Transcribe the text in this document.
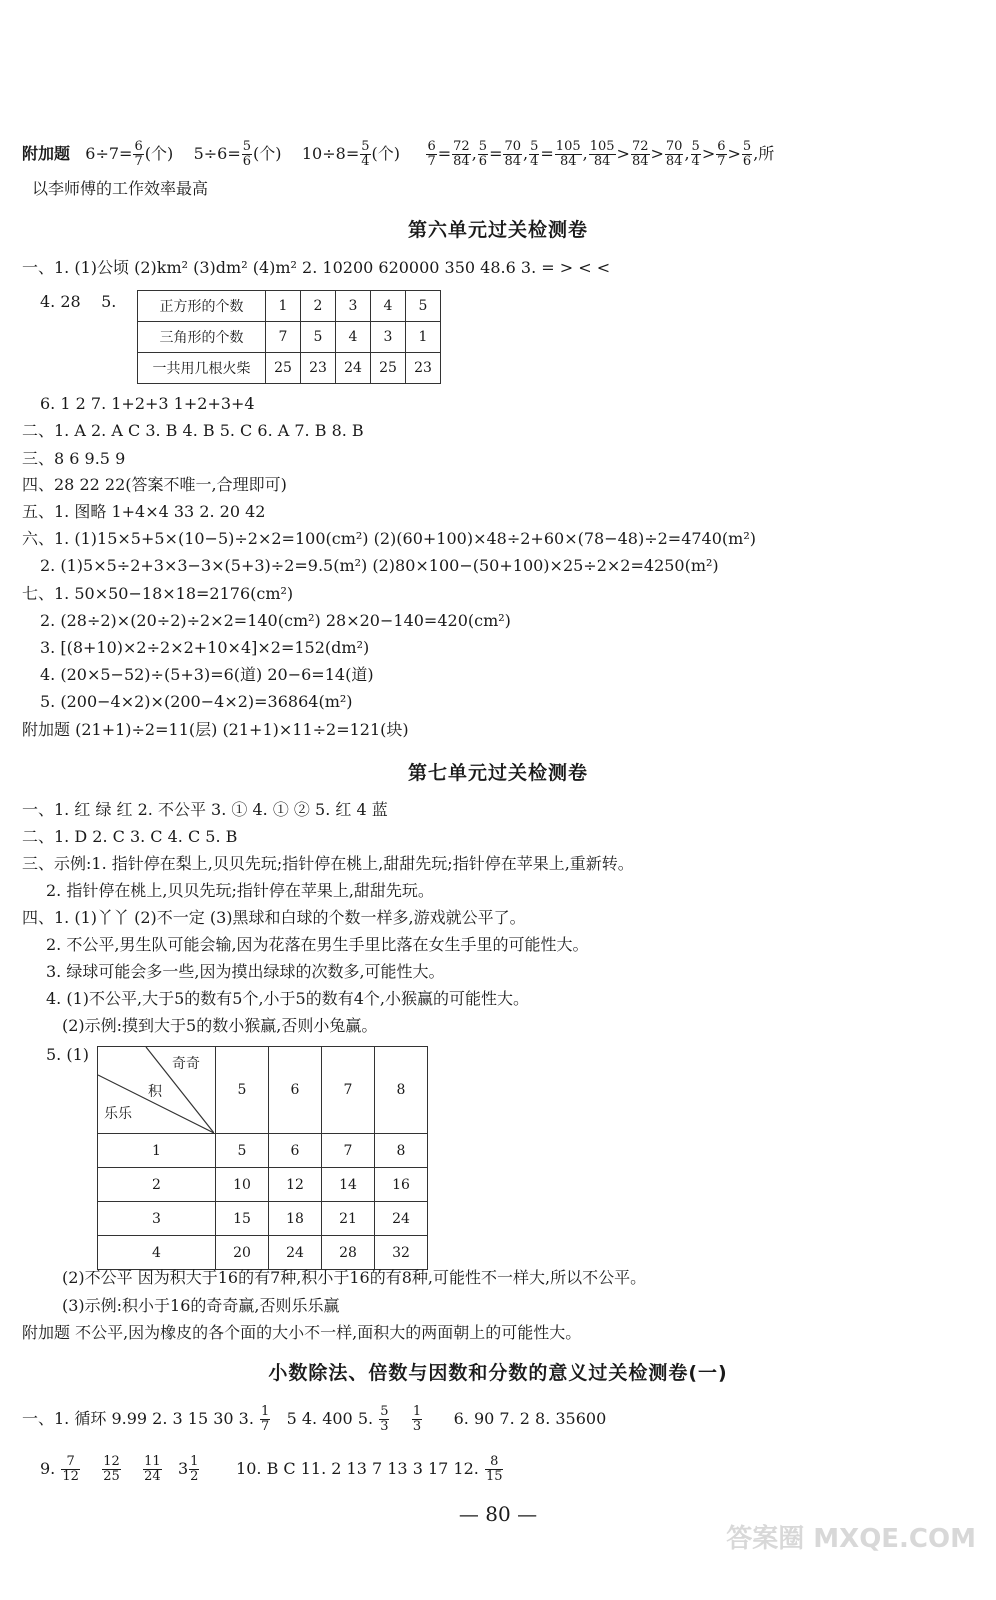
附加题 $6\div 7= \frac{6}{7}$ (个) $5\div 6= \frac{5}{6}$ (个) $10\div 8= \frac{5}{4}$ (个) $\frac{6}{7} = \frac{72}{84}$ , $\frac{5}{6} = \frac{70}{84}$ , $\frac{5}{4} = \frac{105}{84}$ , $\frac{105}{84} > \frac{72}{84} > \frac{70}{84}$ , $\frac{5}{4} > \frac{6}{7} > \frac{5}{6}$ ,所
以李师傅的工作效率最高
第六单元过关检测卷
一、1. (1)公顷 (2)km² (3)dm² (4)m² 2. 10200 620000 350 48.6 3. = > < <
4. 28 5.	正方形的个数	1	2	3	4	5
三角形的个数	7	5	4	3	1
一共用几根火柴	25	23	24	25	23
6. 1 2 7. 1+2+3 1+2+3+4
二、1. A 2. A C 3. B 4. B 5. C 6. A 7. B 8. B
三、8 6 9.5 9
四、28 22 22(答案不唯一,合理即可)
五、1. 图略 1+4×4 33 2. 20 42
六、1. (1)15×5+5×(10−5)÷2×2=100(cm²) (2)(60+100)×48÷2+60×(78−48)÷2=4740(m²)
2. (1)5×5÷2+3×3−3×(5+3)÷2=9.5(m²) (2)80×100−(50+100)×25÷2×2=4250(m²)
七、1. 50×50−18×18=2176(cm²)
2. (28÷2)×(20÷2)÷2×2=140(cm²) 28×20−140=420(cm²)
3. [(8+10)×2÷2×2+10×4]×2=152(dm²)
4. (20×5−52)÷(5+3)=6(道) 20−6=14(道)
5. (200−4×2)×(200−4×2)=36864(m²)
附加题 (21+1)÷2=11(层) (21+1)×11÷2=121(块)
第七单元过关检测卷
一、1. 红 绿 红 2. 不公平 3. ① 4. ① ② 5. 红 4 蓝
二、1. D 2. C 3. C 4. C 5. B
三、示例:1. 指针停在梨上,贝贝先玩;指针停在桃上,甜甜先玩;指针停在苹果上,重新转。
2. 指针停在桃上,贝贝先玩;指针停在苹果上,甜甜先玩。
四、1. (1)丫丫 (2)不一定 (3)黑球和白球的个数一样多,游戏就公平了。
2. 不公平,男生队可能会输,因为花落在男生手里比落在女生手里的可能性大。
3. 绿球可能会多一些,因为摸出绿球的次数多,可能性大。
4. (1)不公平,大于5的数有5个,小于5的数有4个,小猴赢的可能性大。
(2)示例:摸到大于5的数小猴赢,否则小兔赢。
5. (1)	奇奇
积
乐乐	5	6	7	8
1	5	6	7	8
2	10	12	14	16
3	15	18	21	24
4	20	24	28	32
(2)不公平 因为积大于16的有7种,积小于16的有8种,可能性不一样大,所以不公平。
(3)示例:积小于16的奇奇赢,否则乐乐赢
附加题 不公平,因为橡皮的各个面的大小不一样,面积大的两面朝上的可能性大。
小数除法、倍数与因数和分数的意义过关检测卷(一)
一、1. 循环 9.99 2. 3 15 30 3. $\frac{1}{7} 5$ 4. 400 5. $\frac{5}{3}$
$\frac{1}{3} 6$. 90 7. 2 8. 35600
9. $\frac{7}{12}$
$\frac{12}{25}$
$\frac{11}{24} 3 \frac{1}{2} 10$. B C 11. 2 13 7 13 3 17 12. $\frac{8}{15}$
— 80 —
答案圈 MXQE.COM
